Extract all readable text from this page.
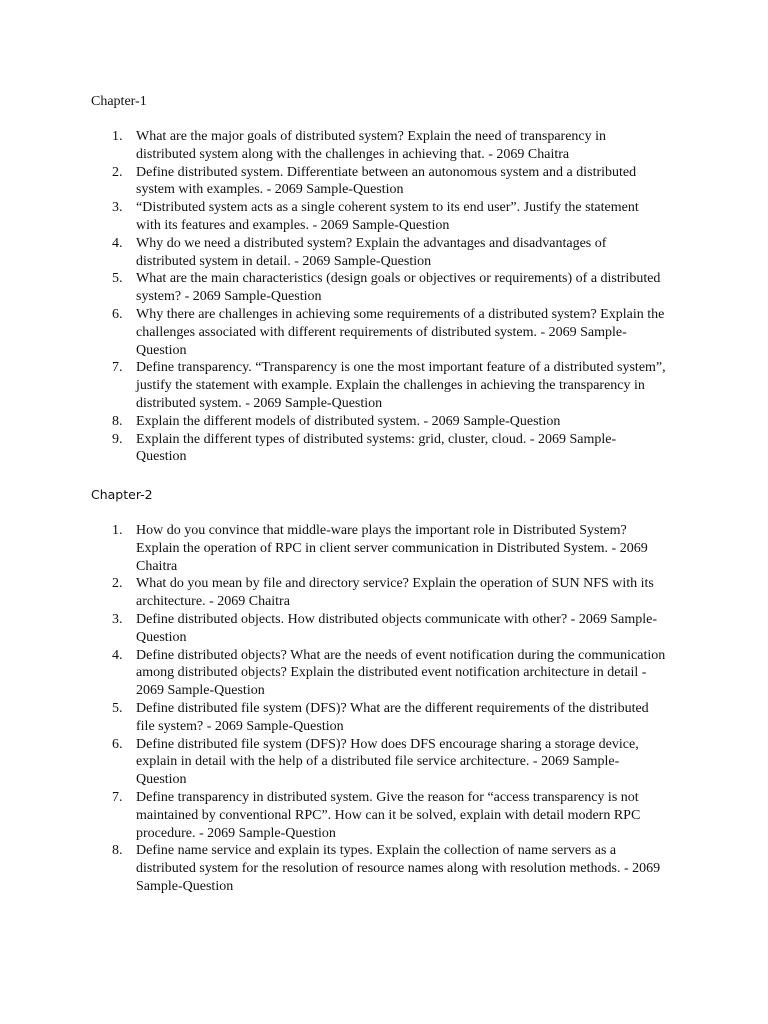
Chapter-1
1. What are the major goals of distributed system? Explain the need of transparency in distributed system along with the challenges in achieving that. - 2069 Chaitra
2. Define distributed system. Differentiate between an autonomous system and a distributed system with examples. - 2069 Sample-Question
3. “Distributed system acts as a single coherent system to its end user”. Justify the statement with its features and examples. - 2069 Sample-Question
4. Why do we need a distributed system? Explain the advantages and disadvantages of distributed system in detail. - 2069 Sample-Question
5. What are the main characteristics (design goals or objectives or requirements) of a distributed system? - 2069 Sample-Question
6. Why there are challenges in achieving some requirements of a distributed system? Explain the challenges associated with different requirements of distributed system. - 2069 Sample-Question
7. Define transparency. “Transparency is one the most important feature of a distributed system”, justify the statement with example. Explain the challenges in achieving the transparency in distributed system. - 2069 Sample-Question
8. Explain the different models of distributed system. - 2069 Sample-Question
9. Explain the different types of distributed systems: grid, cluster, cloud. - 2069 Sample-Question
Chapter-2
1. How do you convince that middle-ware plays the important role in Distributed System? Explain the operation of RPC in client server communication in Distributed System. - 2069 Chaitra
2. What do you mean by file and directory service? Explain the operation of SUN NFS with its architecture. - 2069 Chaitra
3. Define distributed objects. How distributed objects communicate with other? - 2069 Sample-Question
4. Define distributed objects? What are the needs of event notification during the communication among distributed objects? Explain the distributed event notification architecture in detail - 2069 Sample-Question
5. Define distributed file system (DFS)? What are the different requirements of the distributed file system? - 2069 Sample-Question
6. Define distributed file system (DFS)? How does DFS encourage sharing a storage device, explain in detail with the help of a distributed file service architecture. - 2069 Sample-Question
7. Define transparency in distributed system. Give the reason for “access transparency is not maintained by conventional RPC”. How can it be solved, explain with detail modern RPC procedure. - 2069 Sample-Question
8. Define name service and explain its types. Explain the collection of name servers as a distributed system for the resolution of resource names along with resolution methods. - 2069 Sample-Question
